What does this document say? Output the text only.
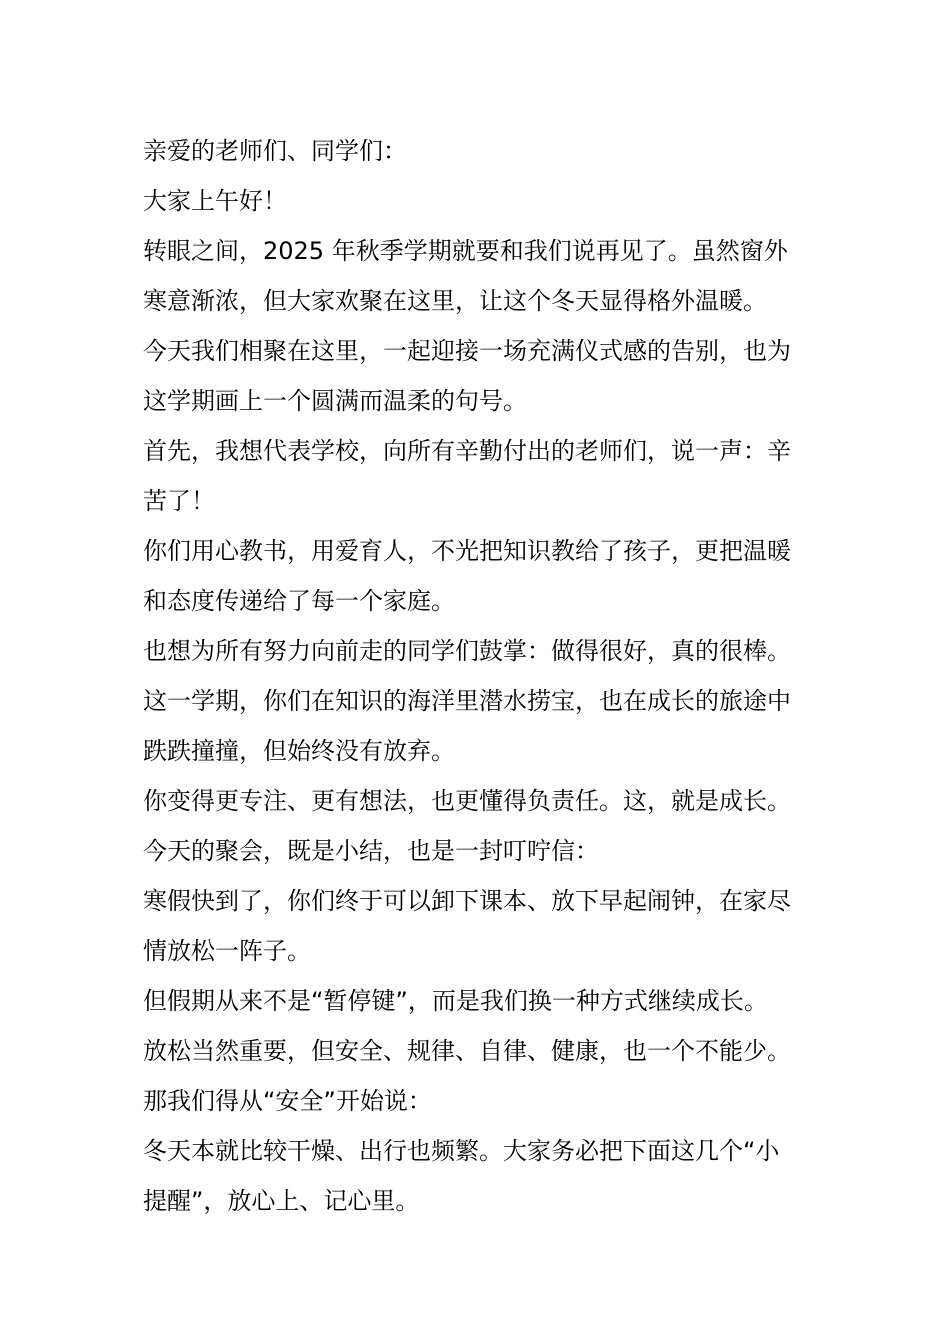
亲爱的老师们、同学们：

大家上午好！

转眼之间，2025 年秋季学期就要和我们说再见了。虽然窗外
寒意渐浓，但大家欢聚在这里，让这个冬天显得格外温暖。

今天我们相聚在这里，一起迎接一场充满仪式感的告别，也为
这学期画上一个圆满而温柔的句号。

首先，我想代表学校，向所有辛勤付出的老师们，说一声：辛
苦了！

你们用心教书，用爱育人，不光把知识教给了孩子，更把温暖
和态度传递给了每一个家庭。

也想为所有努力向前走的同学们鼓掌：做得很好，真的很棒。

这一学期，你们在知识的海洋里潜水捞宝，也在成长的旅途中
跌跌撞撞，但始终没有放弃。

你变得更专注、更有想法，也更懂得负责任。这，就是成长。

今天的聚会，既是小结，也是一封叮咛信：

寒假快到了，你们终于可以卸下课本、放下早起闹钟，在家尽
情放松一阵子。

但假期从来不是“暂停键”，而是我们换一种方式继续成长。

放松当然重要，但安全、规律、自律、健康，也一个不能少。

那我们得从“安全”开始说：

冬天本就比较干燥、出行也频繁。大家务必把下面这几个“小
提醒”，放心上、记心里。
